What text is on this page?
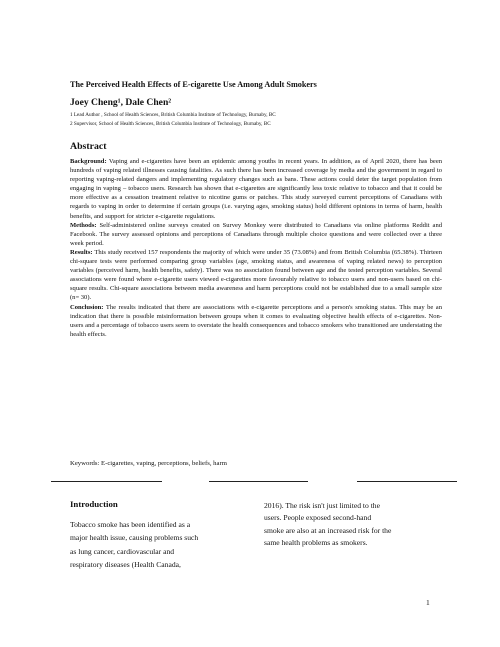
The Perceived Health Effects of E-cigarette Use Among Adult Smokers
Joey Cheng¹, Dale Chen²
1 Lead Author , School of Health Sciences, British Columbia Institute of Technology, Burnaby, BC
2 Supervisor, School of Health Sciences, British Columbia Institute of Technology, Burnaby, BC
Abstract

Background: Vaping and e-cigarettes have been an epidemic among youths in recent years. In addition, as of April 2020, there has been hundreds of vaping related illnesses causing fatalities. As such there has been increased coverage by media and the government in regard to reporting vaping-related dangers and implementing regulatory changes such as bans. These actions could deter the target population from engaging in vaping – tobacco users. Research has shown that e-cigarettes are significantly less toxic relative to tobacco and that it could be more effective as a cessation treatment relative to nicotine gums or patches. This study surveyed current perceptions of Canadians with regards to vaping in order to determine if certain groups (i.e. varying ages, smoking status) hold different opinions in terms of harm, health benefits, and support for stricter e-cigarette regulations.

Methods: Self-administered online surveys created on Survey Monkey were distributed to Canadians via online platforms Reddit and Facebook. The survey assessed opinions and perceptions of Canadians through multiple choice questions and were collected over a three week period.

Results: This study received 157 respondents the majority of which were under 35 (73.08%) and from British Columbia (65.38%). Thirteen chi-square tests were performed comparing group variables (age, smoking status, and awareness of vaping related news) to perception variables (perceived harm, health benefits, safety). There was no association found between age and the tested perception variables. Several associations were found where e-cigarette users viewed e-cigarettes more favourably relative to tobacco users and non-users based on chi-square results. Chi-square associations between media awareness and harm perceptions could not be established due to a small sample size (n= 30).

Conclusion: The results indicated that there are associations with e-cigarette perceptions and a person's smoking status. This may be an indication that there is possible misinformation between groups when it comes to evaluating objective health effects of e-cigarettes. Non-users and a percentage of tobacco users seem to overstate the health consequences and tobacco smokers who transitioned are understating the health effects.

Keywords: E-cigarettes, vaping, perceptions, beliefs, harm
Introduction
Tobacco smoke has been identified as a
major health issue, causing problems such
as lung cancer, cardiovascular and
respiratory diseases (Health Canada,
2016). The risk isn't just limited to the
users. People exposed second-hand
smoke are also at an increased risk for the
same health problems as smokers.
1
